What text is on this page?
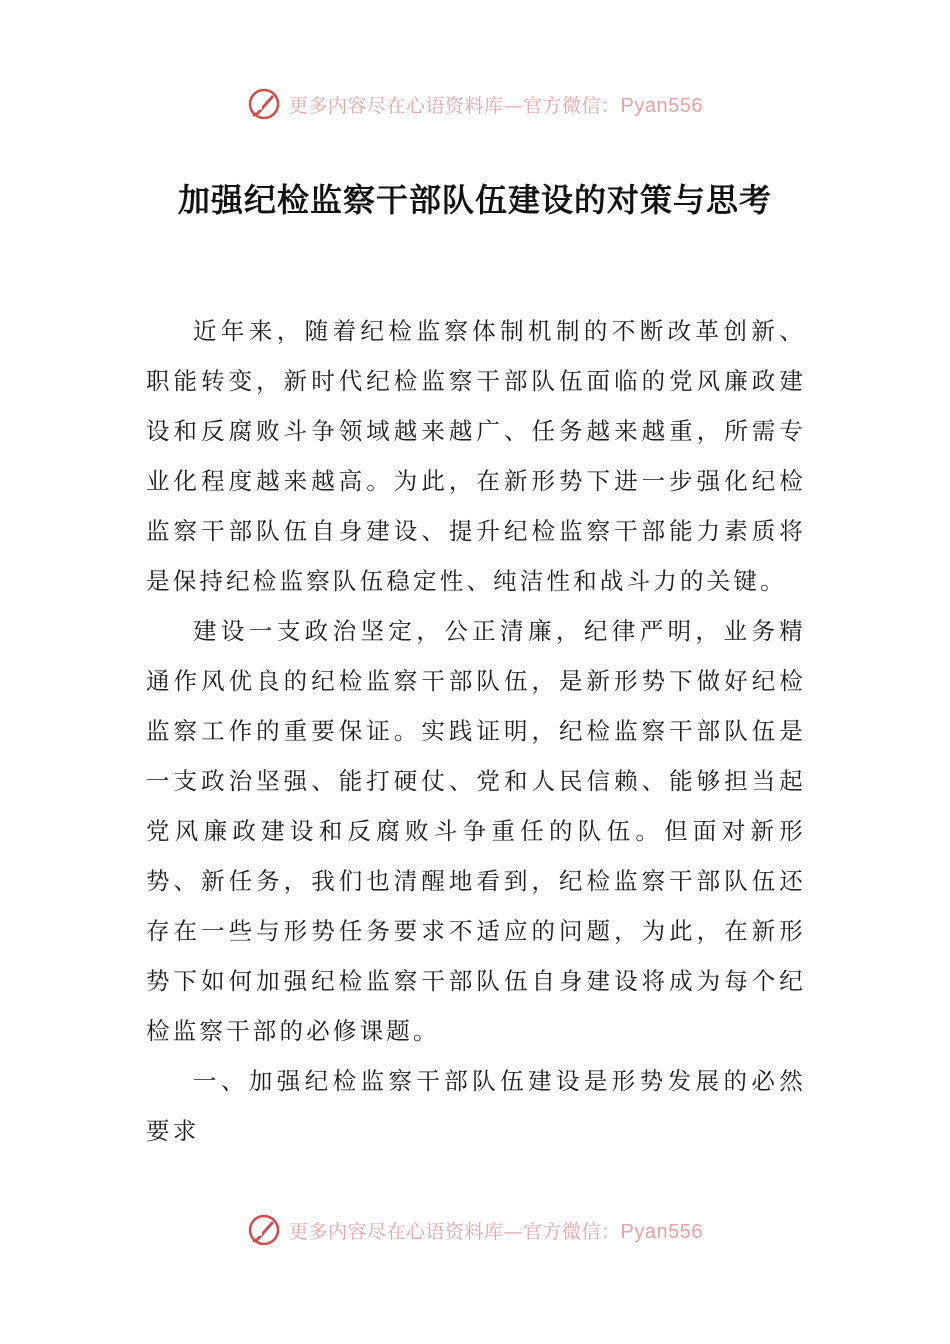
更多内容尽在心语资料库—官方微信：Pyan556
加强纪检监察干部队伍建设的对策与思考

近年来，随着纪检监察体制机制的不断改革创新、职能转变，新时代纪检监察干部队伍面临的党风廉政建设和反腐败斗争领域越来越广、任务越来越重，所需专业化程度越来越高。为此，在新形势下进一步强化纪检监察干部队伍自身建设、提升纪检监察干部能力素质将是保持纪检监察队伍稳定性、纯洁性和战斗力的关键。

建设一支政治坚定，公正清廉，纪律严明，业务精通作风优良的纪检监察干部队伍，是新形势下做好纪检监察工作的重要保证。实践证明，纪检监察干部队伍是一支政治坚强、能打硬仗、党和人民信赖、能够担当起党风廉政建设和反腐败斗争重任的队伍。但面对新形势、新任务，我们也清醒地看到，纪检监察干部队伍还存在一些与形势任务要求不适应的问题，为此，在新形势下如何加强纪检监察干部队伍自身建设将成为每个纪检监察干部的必修课题。

一、加强纪检监察干部队伍建设是形势发展的必然要求

更多内容尽在心语资料库—官方微信：Pyan556
